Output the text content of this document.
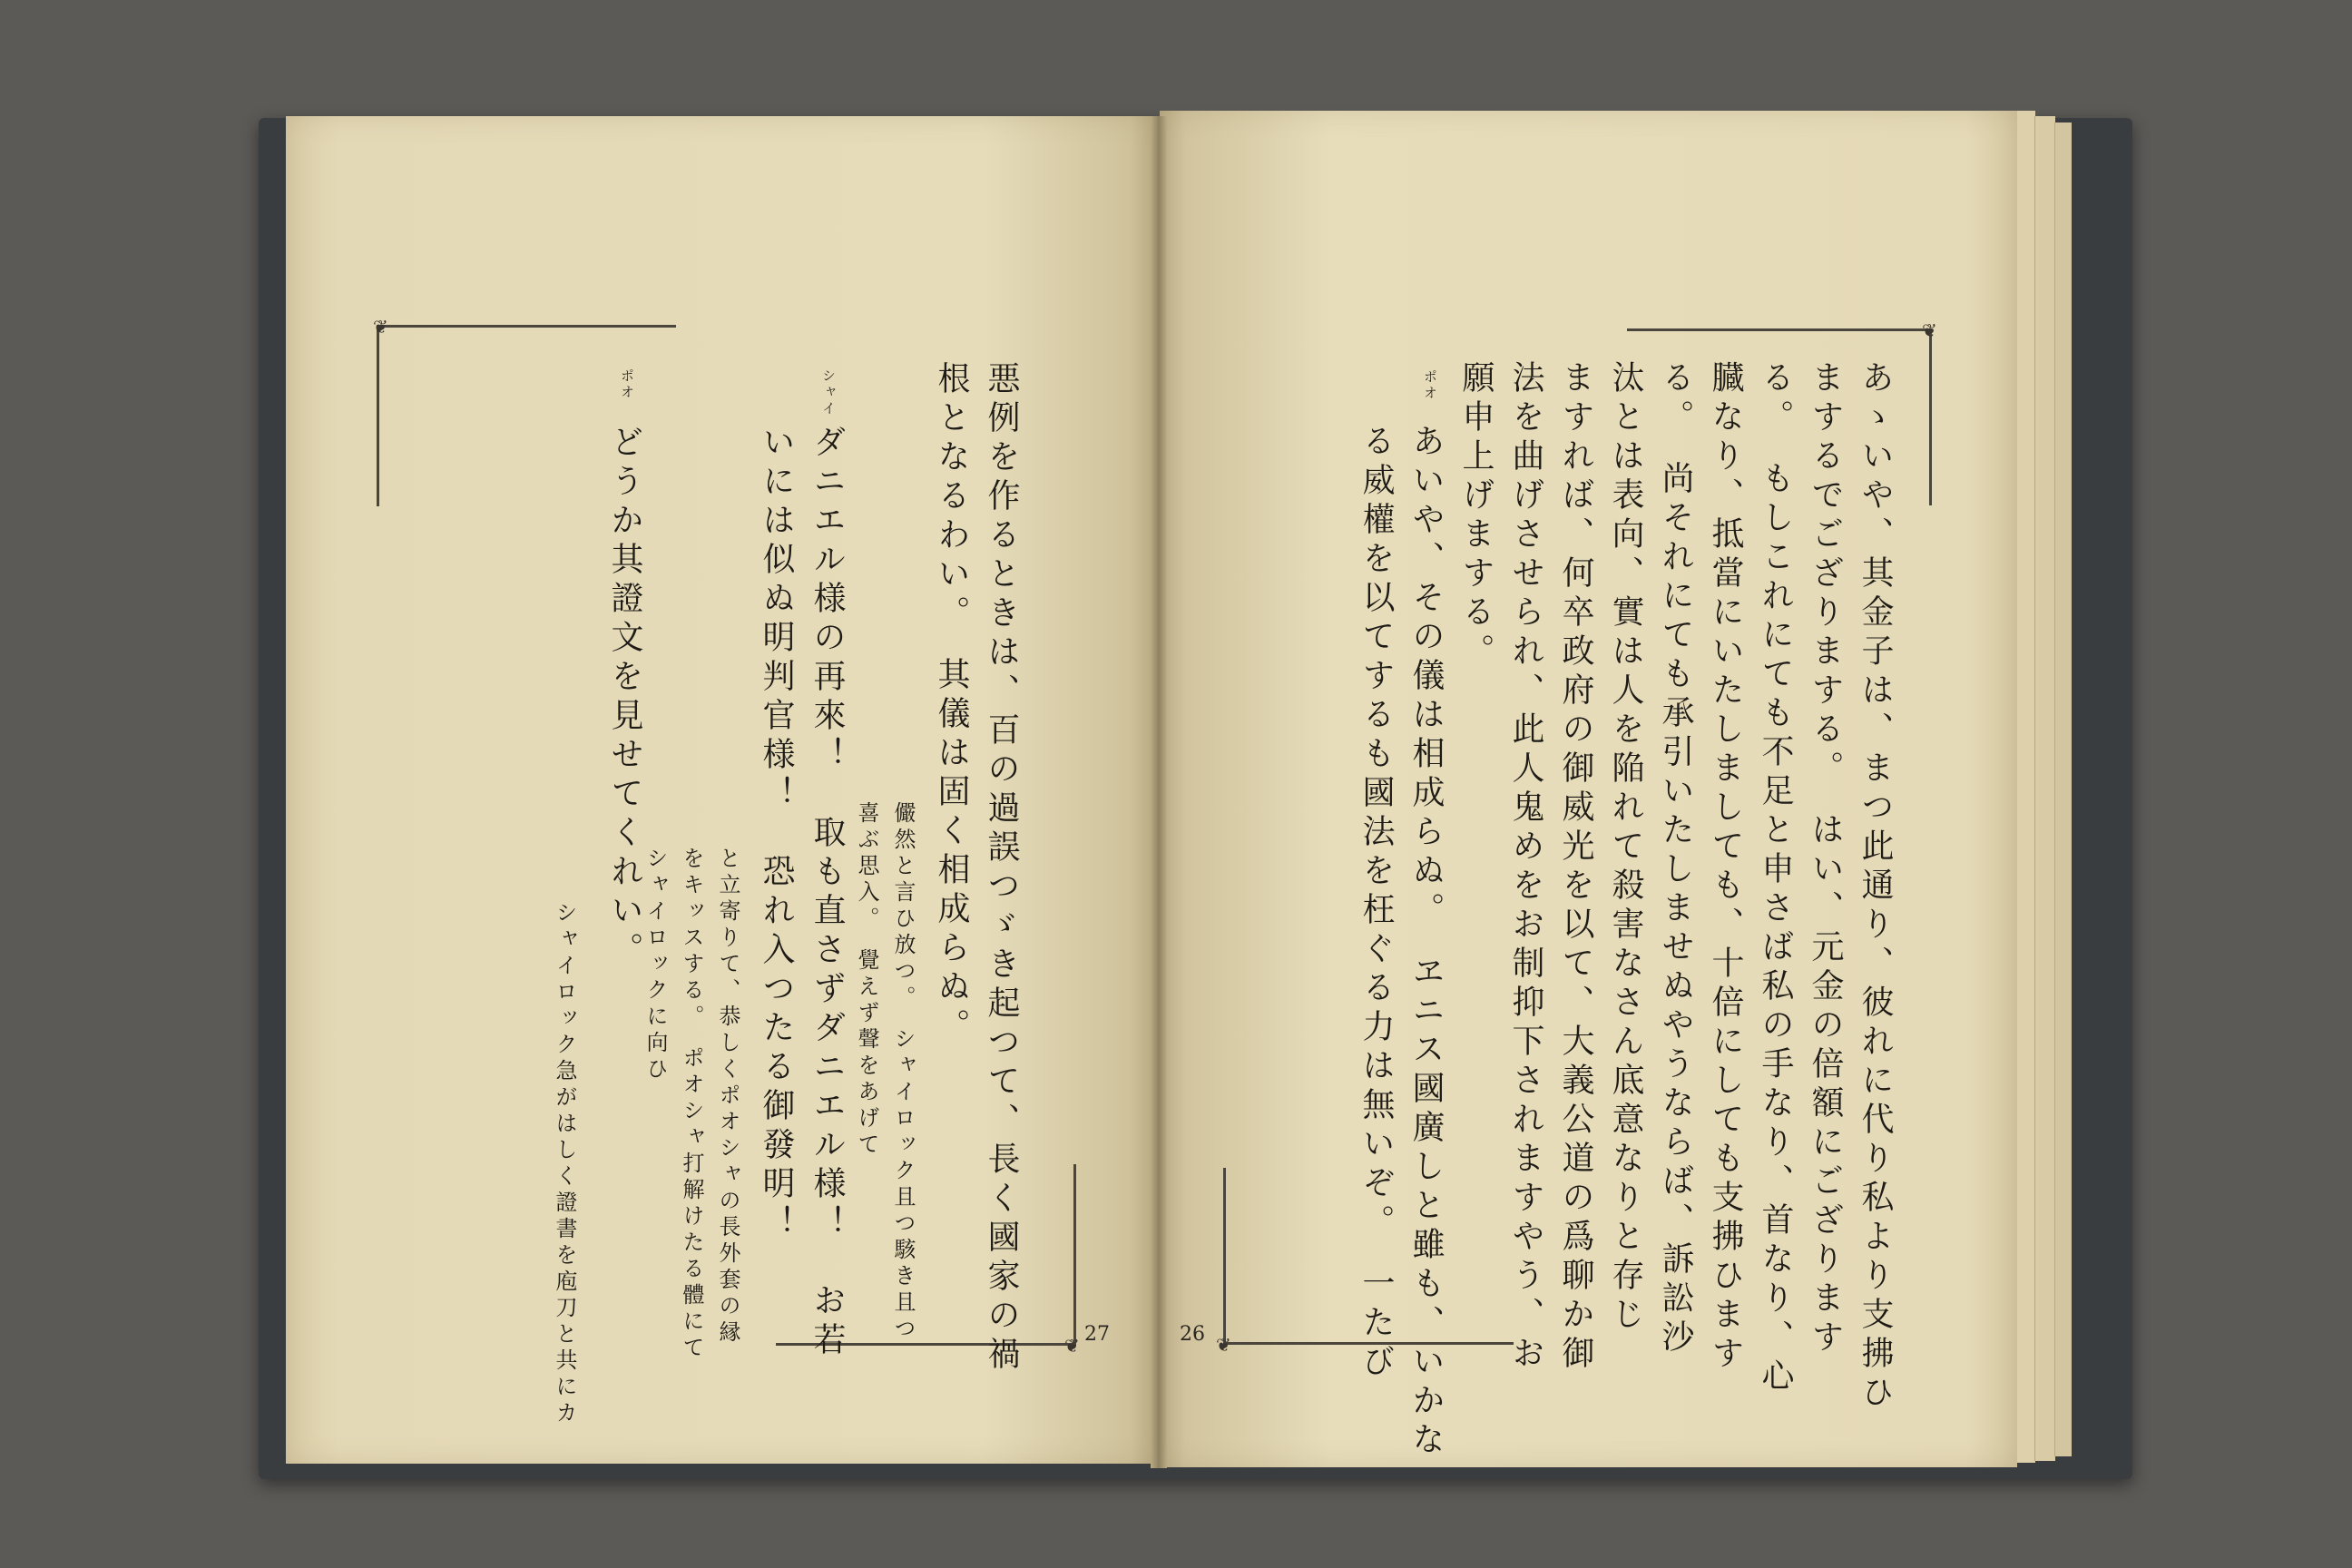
❦
❦ 27
悪例を作るときは、百の過誤つゞき起つて、長く國家の禍
根となるわい。　其儀は固く相成らぬ。
儼然と言ひ放つ。　シャイロック且つ駭き且つ
喜ぶ思入。　覺えず聲をあげて
シャイ
ダニエル様の再來！　取も直さずダニエル様！　お若
いには似ぬ明判官様！　恐れ入つたる御發明！
と立寄りて、恭しくポオシャの長外套の縁
をキッスする。　ポオシャ打解けたる體にて
シャイロックに向ひ
ポオ
どうか其證文を見せてくれい。
シャイロック急がはしく證書を庖刀と共にカ
❦
❦
26	あゝいや、其金子は、まつ此通り、彼れに代り私より支拂ひ
まするでござりまする。　はい、元金の倍額にござります
る。　もしこれにても不足と申さば私の手なり、首なり、心
臓なり、抵當にいたしましても、十倍にしても支拂ひます
る。　尚それにても承引いたしませぬやうならば、訴訟沙
汰とは表向、實は人を陥れて殺害なさん底意なりと存じ
ますれば、何卒政府の御威光を以て、大義公道の爲聊か御
法を曲げさせられ、此人鬼めをお制抑下されますやう、お
願申上げまする。
ポオ
あいや、その儀は相成らぬ。　ヱニス國廣しと雖も、いかな
る威權を以てするも國法を枉ぐる力は無いぞ。　一たび
